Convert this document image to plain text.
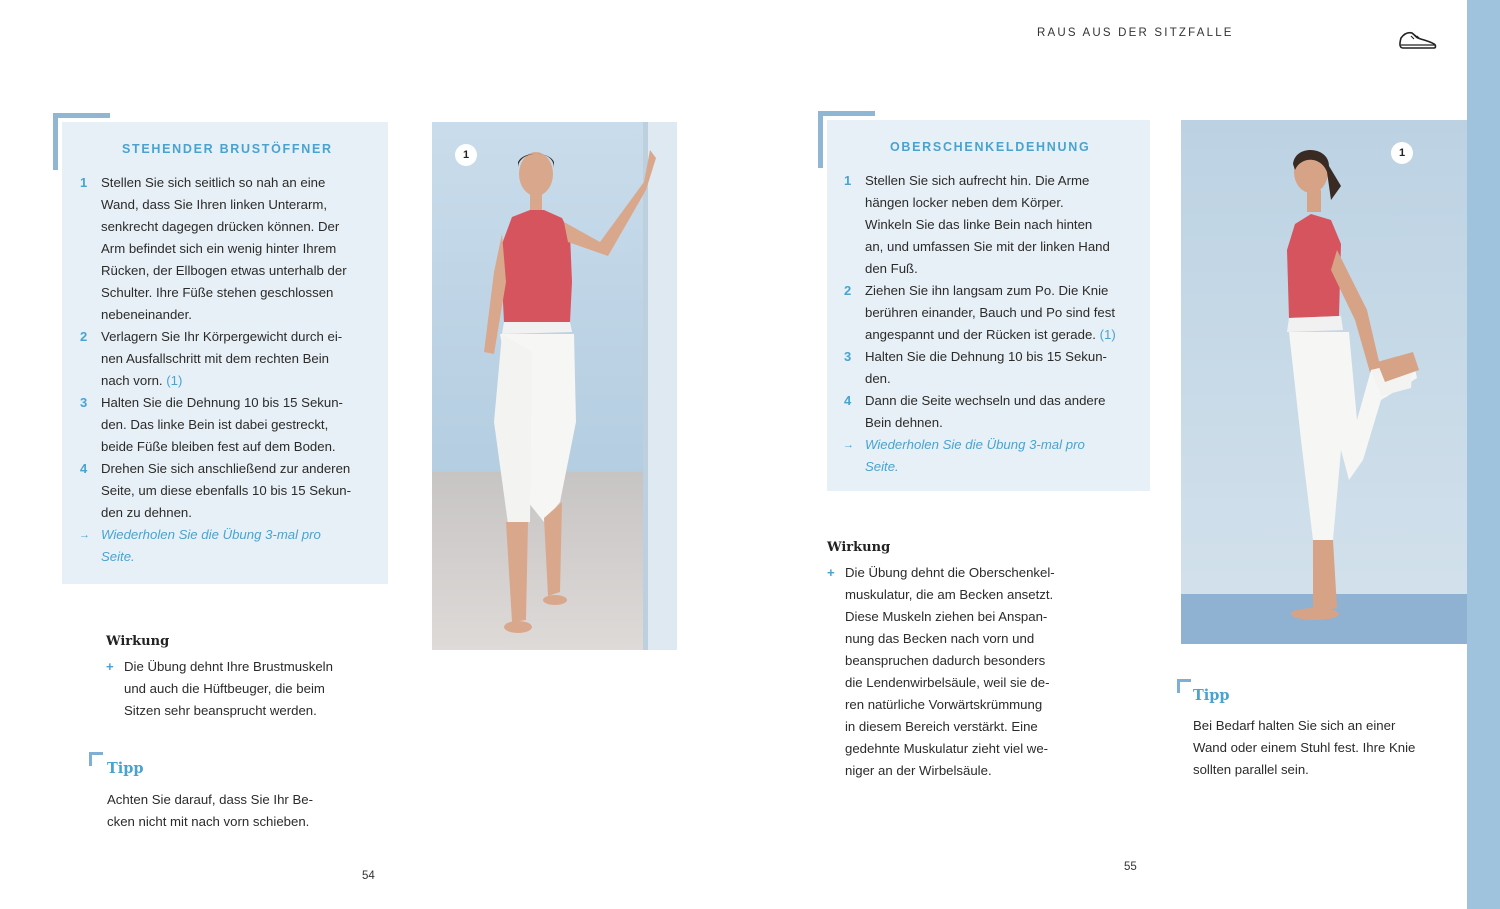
RAUS AUS DER SITZFALLE
STEHENDER BRUSTÖFFNER
1 Stellen Sie sich seitlich so nah an eine
Wand, dass Sie Ihren linken Unterarm,
senkrecht dagegen drücken können. Der
Arm befindet sich ein wenig hinter Ihrem
Rücken, der Ellbogen etwas unterhalb der
Schulter. Ihre Füße stehen geschlossen
nebeneinander.
2 Verlagern Sie Ihr Körpergewicht durch ei-
nen Ausfallschritt mit dem rechten Bein
nach vorn. (1)
3 Halten Sie die Dehnung 10 bis 15 Sekun-
den. Das linke Bein ist dabei gestreckt,
beide Füße bleiben fest auf dem Boden.
4 Drehen Sie sich anschließend zur anderen
Seite, um diese ebenfalls 10 bis 15 Sekun-
den zu dehnen.
→ Wiederholen Sie die Übung 3-mal pro
Seite.
1
Wirkung
+ Die Übung dehnt Ihre Brustmuskeln
und auch die Hüftbeuger, die beim
Sitzen sehr beansprucht werden.
Tipp
Achten Sie darauf, dass Sie Ihr Be-
cken nicht mit nach vorn schieben.
54
OBERSCHENKELDEHNUNG
1 Stellen Sie sich aufrecht hin. Die Arme
hängen locker neben dem Körper.
Winkeln Sie das linke Bein nach hinten
an, und umfassen Sie mit der linken Hand
den Fuß.
2 Ziehen Sie ihn langsam zum Po. Die Knie
berühren einander, Bauch und Po sind fest
angespannt und der Rücken ist gerade. (1)
3 Halten Sie die Dehnung 10 bis 15 Sekun-
den.
4 Dann die Seite wechseln und das andere
Bein dehnen.
→ Wiederholen Sie die Übung 3-mal pro
Seite.
Wirkung
+ Die Übung dehnt die Oberschenkel-
muskulatur, die am Becken ansetzt.
Diese Muskeln ziehen bei Anspan-
nung das Becken nach vorn und
beanspruchen dadurch besonders
die Lendenwirbelsäule, weil sie de-
ren natürliche Vorwärtskrümmung
in diesem Bereich verstärkt. Eine
gedehnte Muskulatur zieht viel we-
niger an der Wirbelsäule.
55
1
Tipp
Bei Bedarf halten Sie sich an einer
Wand oder einem Stuhl fest. Ihre Knie
sollten parallel sein.
